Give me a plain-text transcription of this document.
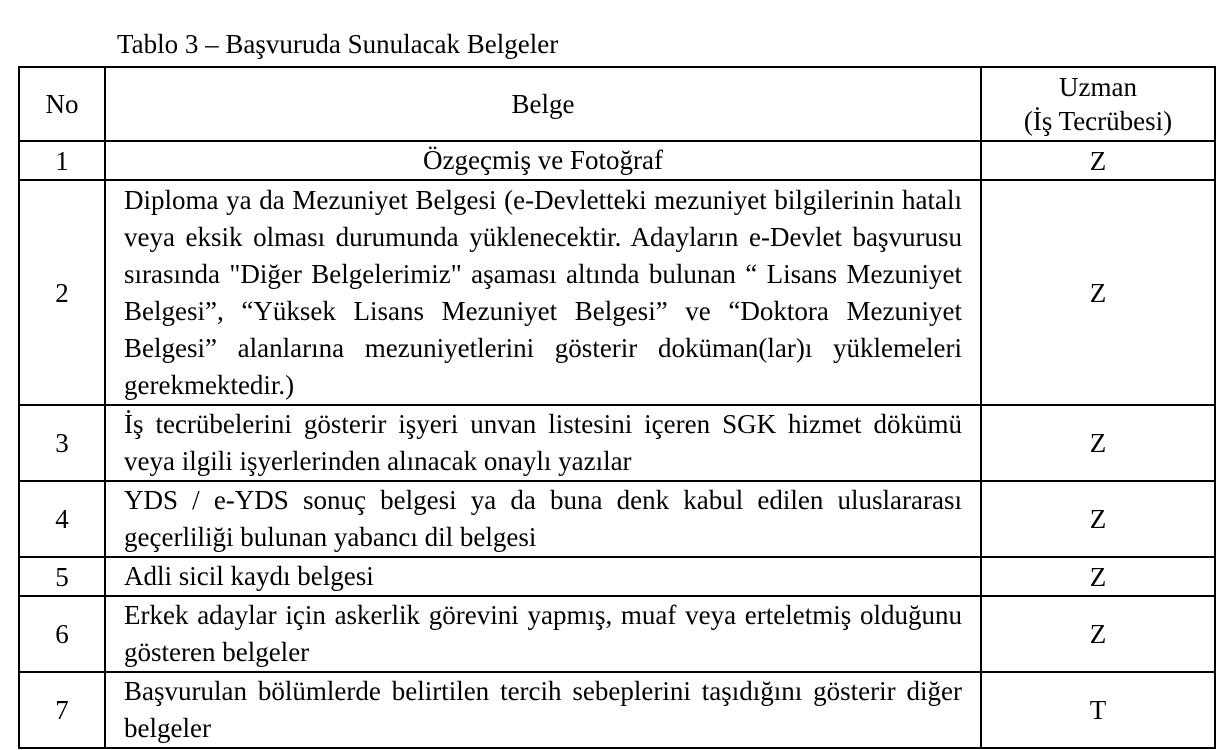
Tablo 3 – Başvuruda Sunulacak Belgeler
No	Belge	Uzman
(İş Tecrübesi)

1	Özgeçmiş ve Fotoğraf	Z
2	Diploma ya da Mezuniyet Belgesi (e-Devletteki mezuniyet bilgilerinin hatalı veya eksik olması durumunda yüklenecektir. Adayların e-Devlet başvurusu sırasında "Diğer Belgelerimiz" aşaması altında bulunan “ Lisans Mezuniyet Belgesi”, “Yüksek Lisans Mezuniyet Belgesi” ve “Doktora Mezuniyet Belgesi” alanlarına mezuniyetlerini gösterir doküman(lar)ı yüklemeleri gerekmektedir.)	Z
3	İş tecrübelerini gösterir işyeri unvan listesini içeren SGK hizmet dökümü veya ilgili işyerlerinden alınacak onaylı yazılar	Z
4	YDS / e-YDS sonuç belgesi ya da buna denk kabul edilen uluslararası geçerliliği bulunan yabancı dil belgesi	Z
5	Adli sicil kaydı belgesi	Z
6	Erkek adaylar için askerlik görevini yapmış, muaf veya erteletmiş olduğunu gösteren belgeler	Z
7	Başvurulan bölümlerde belirtilen tercih sebeplerini taşıdığını gösterir diğer belgeler	T
